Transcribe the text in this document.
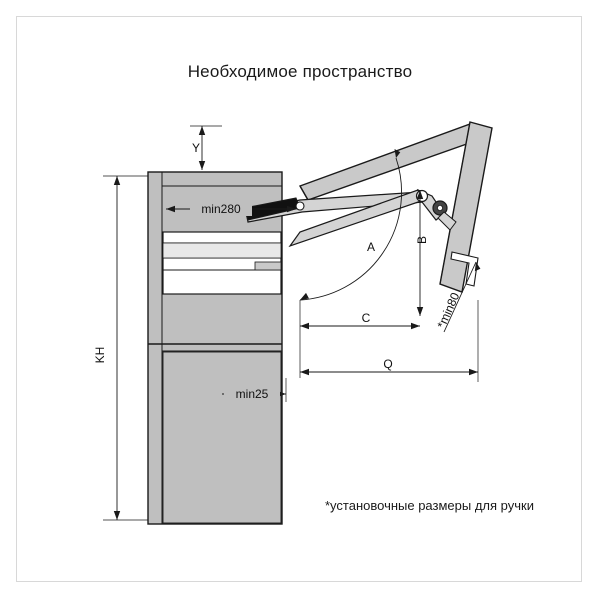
Необходимое пространство
KH
Y
min280
min25
A	B
C
Q
*min80
*установочные размеры для ручки
